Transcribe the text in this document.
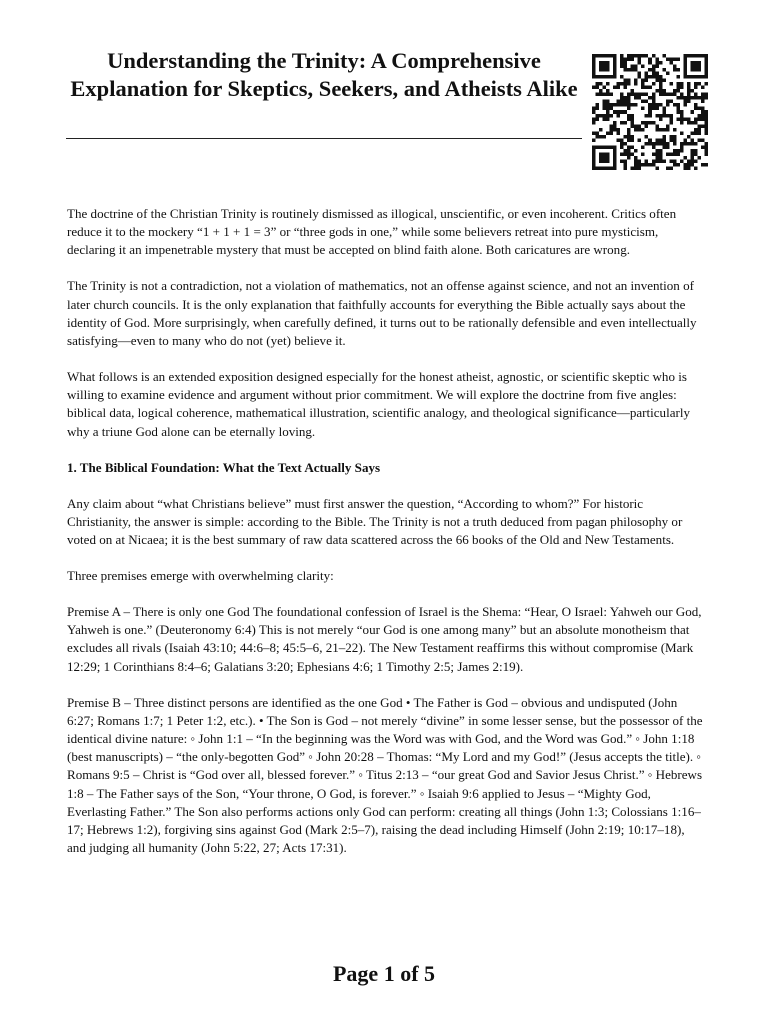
Understanding the Trinity: A Comprehensive Explanation for Skeptics, Seekers, and Atheists Alike

The doctrine of the Christian Trinity is routinely dismissed as illogical, unscientific, or even incoherent. Critics often reduce it to the mockery “1 + 1 + 1 = 3” or “three gods in one,” while some believers retreat into pure mysticism, declaring it an impenetrable mystery that must be accepted on blind faith alone. Both caricatures are wrong.

The Trinity is not a contradiction, not a violation of mathematics, not an offense against science, and not an invention of later church councils. It is the only explanation that faithfully accounts for everything the Bible actually says about the identity of God. More surprisingly, when carefully defined, it turns out to be rationally defensible and even intellectually satisfying—even to many who do not (yet) believe it.

What follows is an extended exposition designed especially for the honest atheist, agnostic, or scientific skeptic who is willing to examine evidence and argument without prior commitment. We will explore the doctrine from five angles: biblical data, logical coherence, mathematical illustration, scientific analogy, and theological significance—particularly why a triune God alone can be eternally loving.

1. The Biblical Foundation: What the Text Actually Says

Any claim about “what Christians believe” must first answer the question, “According to whom?” For historic Christianity, the answer is simple: according to the Bible. The Trinity is not a truth deduced from pagan philosophy or voted on at Nicaea; it is the best summary of raw data scattered across the 66 books of the Old and New Testaments.

Three premises emerge with overwhelming clarity:

Premise A – There is only one God The foundational confession of Israel is the Shema: “Hear, O Israel: Yahweh our God, Yahweh is one.” (Deuteronomy 6:4) This is not merely “our God is one among many” but an absolute monotheism that excludes all rivals (Isaiah 43:10; 44:6–8; 45:5–6, 21–22). The New Testament reaffirms this without compromise (Mark 12:29; 1 Corinthians 8:4–6; Galatians 3:20; Ephesians 4:6; 1 Timothy 2:5; James 2:19).

Premise B – Three distinct persons are identified as the one God • The Father is God – obvious and undisputed (John 6:27; Romans 1:7; 1 Peter 1:2, etc.). • The Son is God – not merely “divine” in some lesser sense, but the possessor of the identical divine nature: ◦ John 1:1 – “In the beginning was the Word was with God, and the Word was God.” ◦ John 1:18 (best manuscripts) – “the only-begotten God” ◦ John 20:28 – Thomas: “My Lord and my God!” (Jesus accepts the title). ◦ Romans 9:5 – Christ is “God over all, blessed forever.” ◦ Titus 2:13 – “our great God and Savior Jesus Christ.” ◦ Hebrews 1:8 – The Father says of the Son, “Your throne, O God, is forever.” ◦ Isaiah 9:6 applied to Jesus – “Mighty God, Everlasting Father.” The Son also performs actions only God can perform: creating all things (John 1:3; Colossians 1:16–17; Hebrews 1:2), forgiving sins against God (Mark 2:5–7), raising the dead including Himself (John 2:19; 10:17–18), and judging all humanity (John 5:22, 27; Acts 17:31).

Page 1 of 5
